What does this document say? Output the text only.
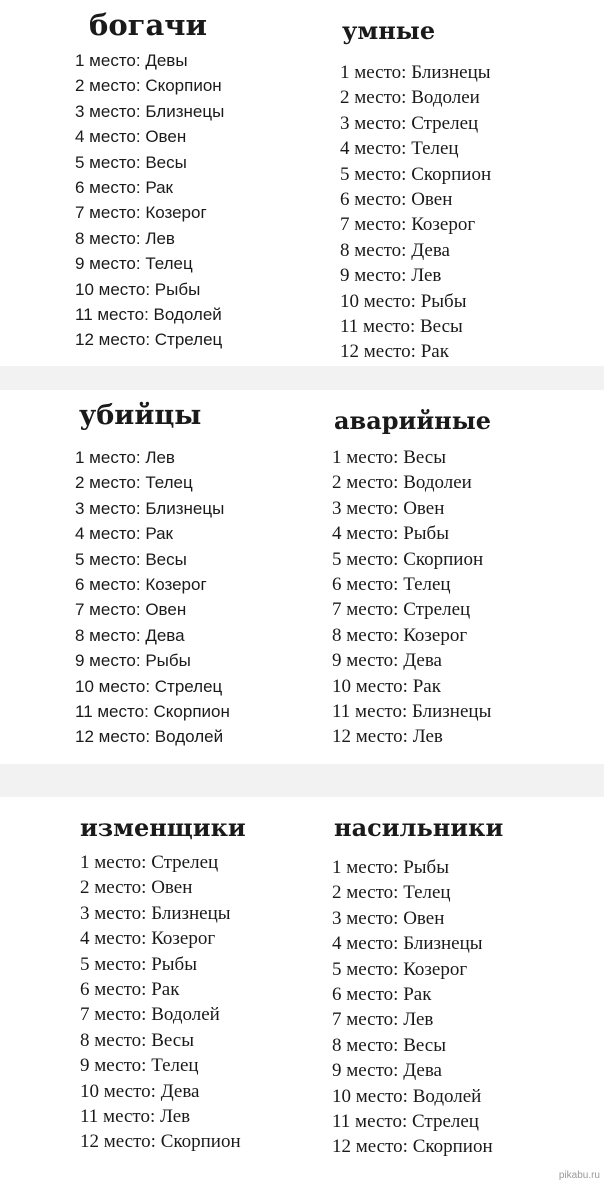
богачи
1 место: Девы
2 место: Скорпион
3 место: Близнецы
4 место: Овен
5 место: Весы
6 место: Рак
7 место: Козерог
8 место: Лев
9 место: Телец
10 место: Рыбы
11 место: Водолей
12 место: Стрелец
умные
1 место: Близнецы
2 место: Водолеи
3 место: Стрелец
4 место: Телец
5 место: Скорпион
6 место: Овен
7 место: Козерог
8 место: Дева
9 место: Лев
10 место: Рыбы
11 место: Весы
12 место: Рак
убийцы
1 место: Лев
2 место: Телец
3 место: Близнецы
4 место: Рак
5 место: Весы
6 место: Козерог
7 место: Овен
8 место: Дева
9 место: Рыбы
10 место: Стрелец
11 место: Скорпион
12 место: Водолей
аварийные
1 место: Весы
2 место: Водолеи
3 место: Овен
4 место: Рыбы
5 место: Скорпион
6 место: Телец
7 место: Стрелец
8 место: Козерог
9 место: Дева
10 место: Рак
11 место: Близнецы
12 место: Лев
изменщики
1 место: Стрелец
2 место: Овен
3 место: Близнецы
4 место: Козерог
5 место: Рыбы
6 место: Рак
7 место: Водолей
8 место: Весы
9 место: Телец
10 место: Дева
11 место: Лев
12 место: Скорпион
насильники
1 место: Рыбы
2 место: Телец
3 место: Овен
4 место: Близнецы
5 место: Козерог
6 место: Рак
7 место: Лев
8 место: Весы
9 место: Дева
10 место: Водолей
11 место: Стрелец
12 место: Скорпион
pikabu.ru
